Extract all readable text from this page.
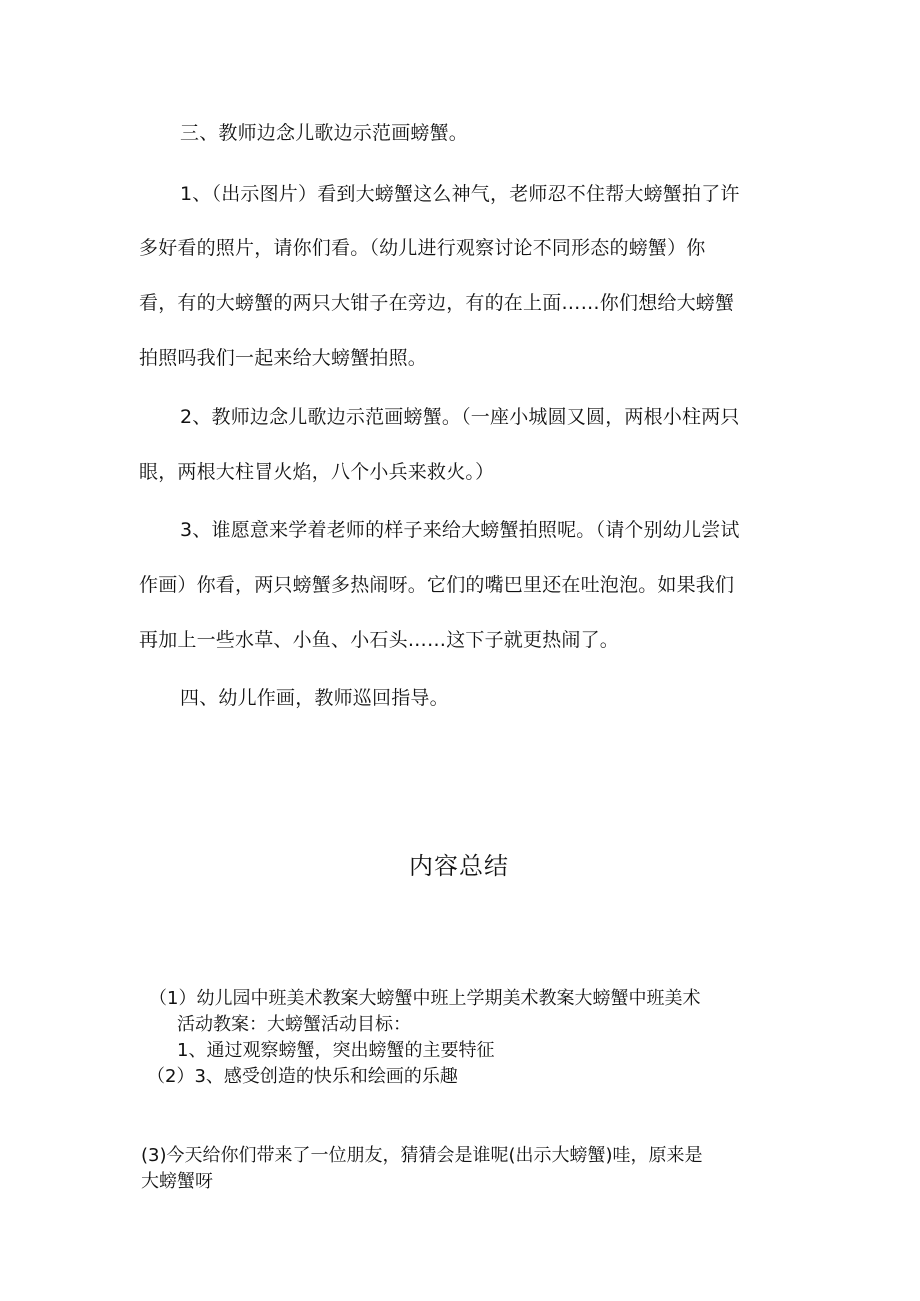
三、教师边念儿歌边示范画螃蟹。
1、（出示图片）看到大螃蟹这么神气，老师忍不住帮大螃蟹拍了许
多好看的照片，请你们看。（幼儿进行观察讨论不同形态的螃蟹）你
看，有的大螃蟹的两只大钳子在旁边，有的在上面……你们想给大螃蟹
拍照吗我们一起来给大螃蟹拍照。
2、教师边念儿歌边示范画螃蟹。（一座小城圆又圆，两根小柱两只
眼，两根大柱冒火焰，八个小兵来救火。）
3、谁愿意来学着老师的样子来给大螃蟹拍照呢。（请个别幼儿尝试
作画）你看，两只螃蟹多热闹呀。它们的嘴巴里还在吐泡泡。如果我们
再加上一些水草、小鱼、小石头……这下子就更热闹了。
四、幼儿作画，教师巡回指导。
内容总结
（1）幼儿园中班美术教案大螃蟹中班上学期美术教案大螃蟹中班美术
活动教案：大螃蟹活动目标：
1、通过观察螃蟹，突出螃蟹的主要特征
（2）3、感受创造的快乐和绘画的乐趣
(3)今天给你们带来了一位朋友，猜猜会是谁呢(出示大螃蟹)哇，原来是
大螃蟹呀
